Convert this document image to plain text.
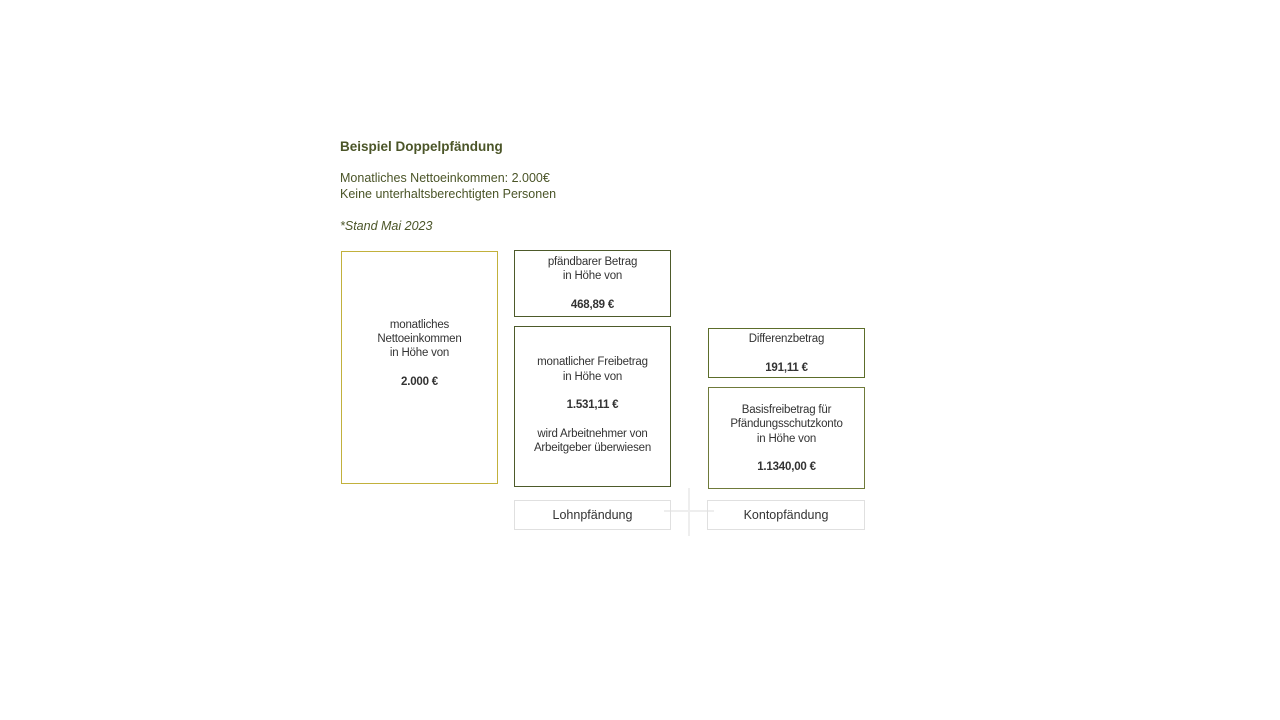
Beispiel Doppelpfändung
Monatliches Nettoeinkommen: 2.000€
Keine unterhaltsberechtigten Personen
*Stand Mai 2023
monatliches
Nettoeinkommen
in Höhe von
2.000 €
pfändbarer Betrag
in Höhe von
468,89 €
monatlicher Freibetrag
in Höhe von
1.531,11 €
wird Arbeitnehmer von
Arbeitgeber überwiesen
Differenzbetrag
191,11 €
Basisfreibetrag für
Pfändungsschutzkonto
in Höhe von
1.1340,00 €
Lohnpfändung	Kontopfändung
